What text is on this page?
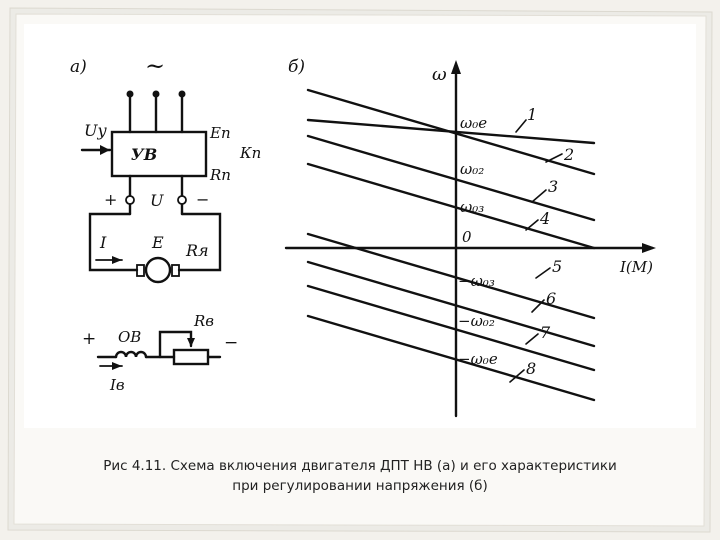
а) ~
УВ
Uу	Еп
Кп
Rп
+	−
U
I	E Rя
+ ОВ
Rв
−
Iв
б)	ω
I(M)
0
ω₀е
ω₀₂
ω₀₃
−ω₀₃
−ω₀₂
−ω₀е
1
2
3
4
5
6
7
8
Рис 4.11. Схема включения двигателя ДПТ НВ (а) и его характеристики
при регулировании напряжения (б)
